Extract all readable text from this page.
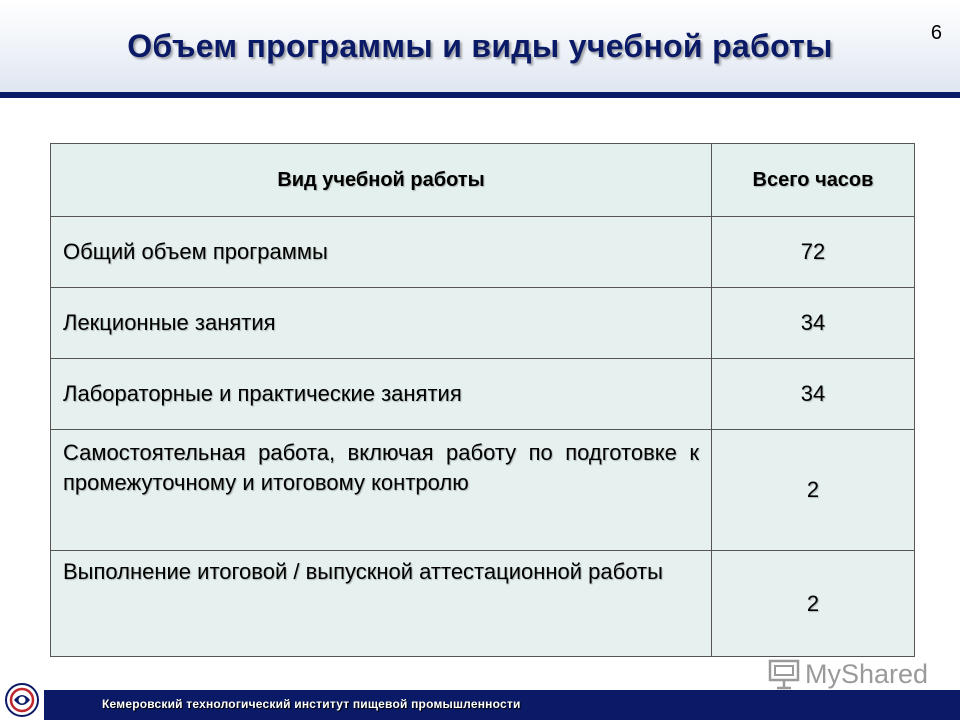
Объем программы и виды учебной работы	6
Вид учебной работы	Всего часов
Общий объем программы	72
Лекционные занятия	34
Лабораторные и практические занятия	34
Самостоятельная работа, включая работу по подготовке к промежуточному и итоговому контролю	2
Выполнение итоговой / выпускной аттестационной работы	2
MyShared
Кемеровский технологический институт пищевой промышленности
